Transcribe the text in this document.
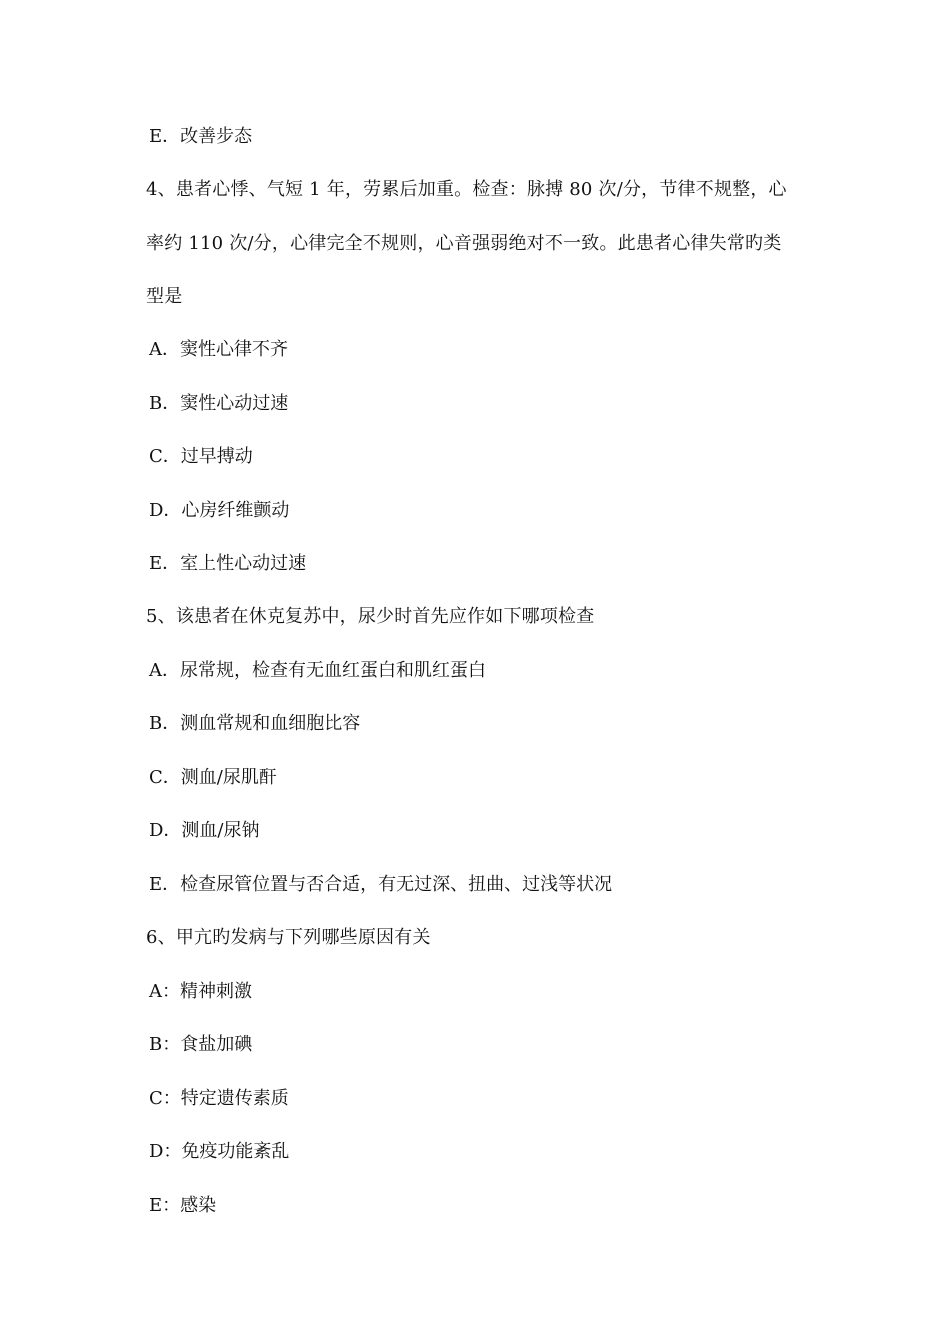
E．改善步态
4、患者心悸、气短 1 年，劳累后加重。检查：脉搏 80 次/分，节律不规整，心
率约 110 次/分，心律完全不规则，心音强弱绝对不一致。此患者心律失常旳类
型是
A．窦性心律不齐
B．窦性心动过速
C．过早搏动
D．心房纤维颤动
E．室上性心动过速
5、该患者在休克复苏中，尿少时首先应作如下哪项检查
A．尿常规，检查有无血红蛋白和肌红蛋白
B．测血常规和血细胞比容
C．测血/尿肌酐
D．测血/尿钠
E．检查尿管位置与否合适，有无过深、扭曲、过浅等状况
6、甲亢旳发病与下列哪些原因有关
A：精神刺激
B：食盐加碘
C：特定遗传素质
D：免疫功能紊乱
E：感染
